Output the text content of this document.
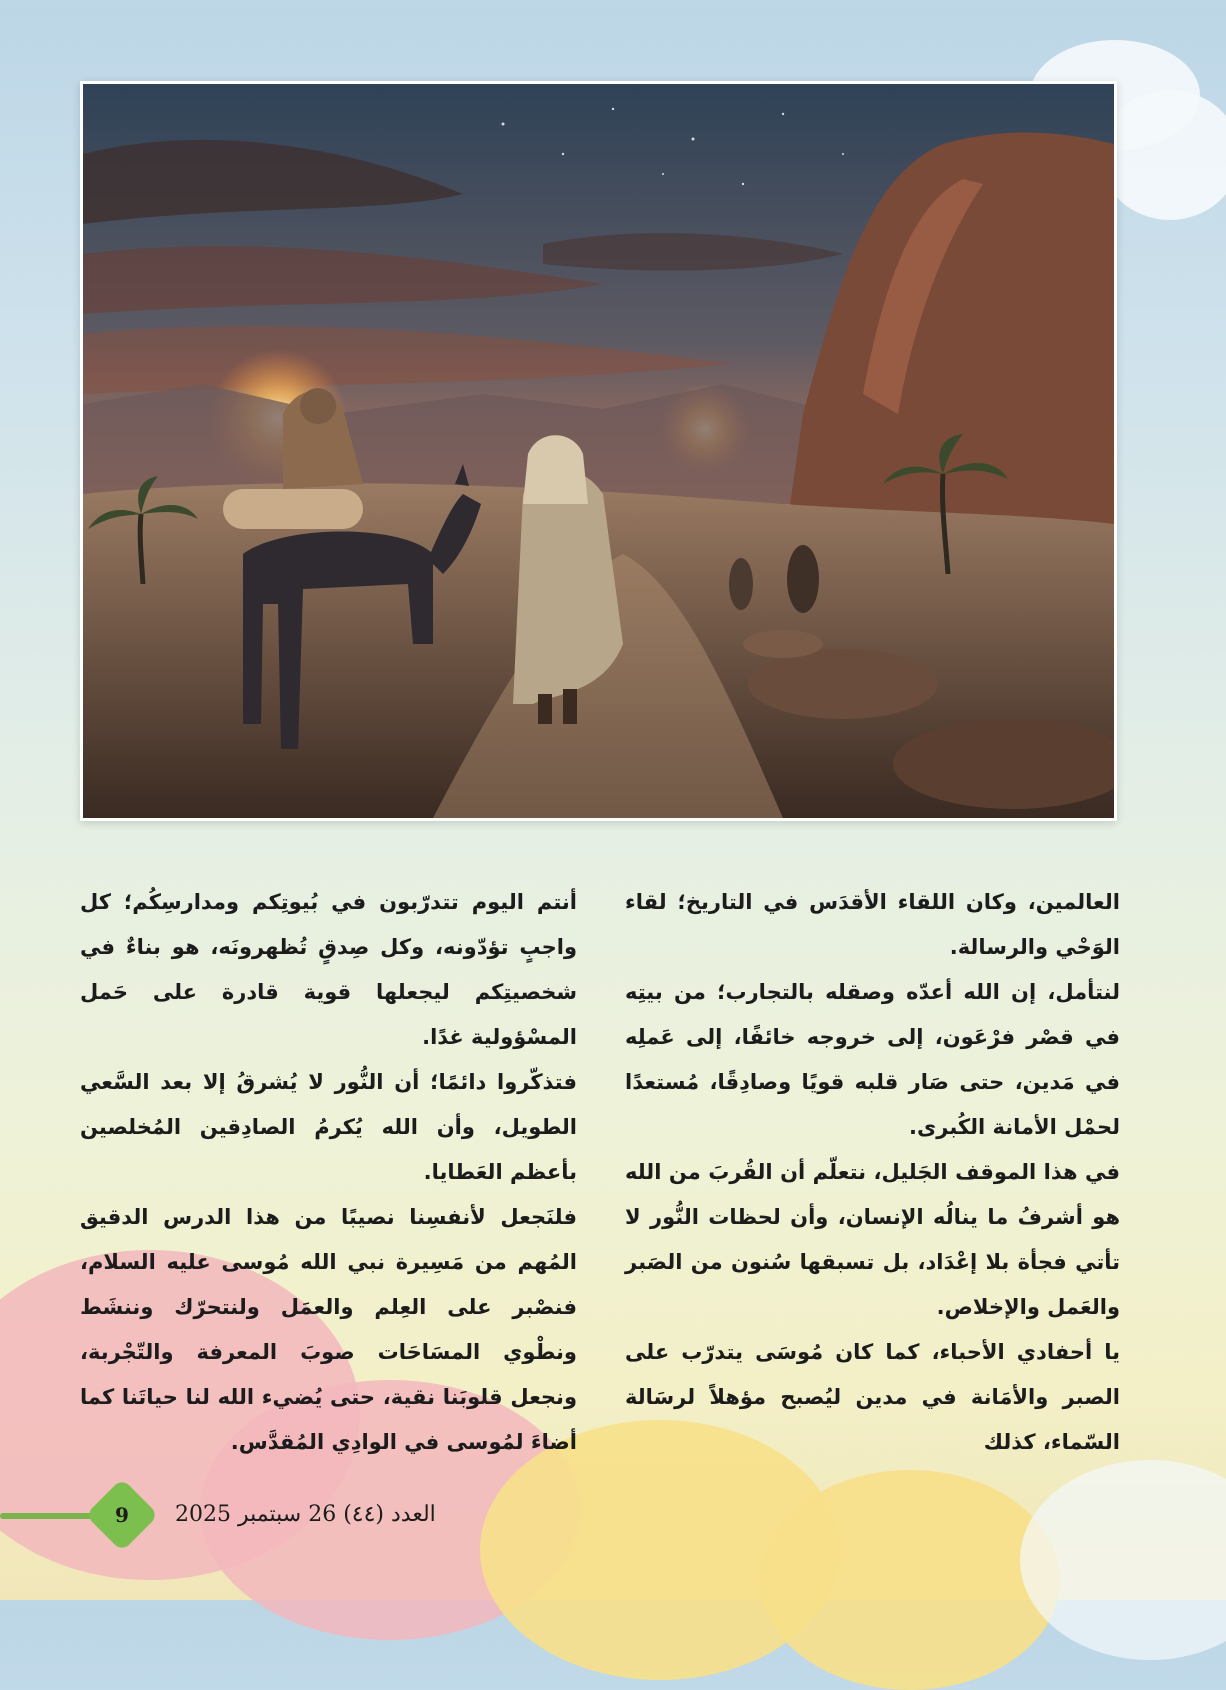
العالمين، وكان اللقاء الأقدَس في التاريخ؛ لقاء الوَحْي والرسالة.

لنتأمل، إن الله أعدّه وصقله بالتجارب؛ من بيتِه في قصْر فرْعَون، إلى خروجه خائفًا، إلى عَملِه في مَدين، حتى صَار قلبه قويًا وصادِقًا، مُستعدًا لحمْل الأمانة الكُبرى.

في هذا الموقف الجَليل، نتعلّم أن القُربَ من الله هو أشرفُ ما ينالُه الإنسان، وأن لحظات النُّور لا تأتي فجأة بلا إعْدَاد، بل تسبقها سُنون من الصَبر والعَمل والإخلاص.

يا أحفادي الأحباء، كما كان مُوسَى يتدرّب على الصبر والأمَانة في مدين ليُصبح مؤهلاً لرسَالة السّماء، كذلك

أنتم اليوم تتدرّبون في بُيوتِكم ومدارسِكُم؛ كل واجبٍ تؤدّونه، وكل صِدقٍ تُظهرونَه، هو بناءٌ في شخصيتِكم ليجعلها قوية قادرة على حَمل المسْؤولية غدًا.

فتذكّروا دائمًا؛ أن النُّور لا يُشرقُ إلا بعد السَّعي الطويل، وأن الله يُكرمُ الصادِقين المُخلصين بأعظم العَطايا.

فلنَجعل لأنفسِنا نصيبًا من هذا الدرس الدقيق المُهم من مَسِيرة نبي الله مُوسى عليه السلام، فنصْبر على العِلم والعمَل ولنتحرّك وننشَط ونطْوي المسَاحَات صوبَ المعرفة والتّجْربة، ونجعل قلوبَنا نقية، حتى يُضيء الله لنا حياتَنا كما أضاءَ لمُوسى في الوادِي المُقدَّس.

9	العدد (٤٤) 26 سبتمبر 2025
